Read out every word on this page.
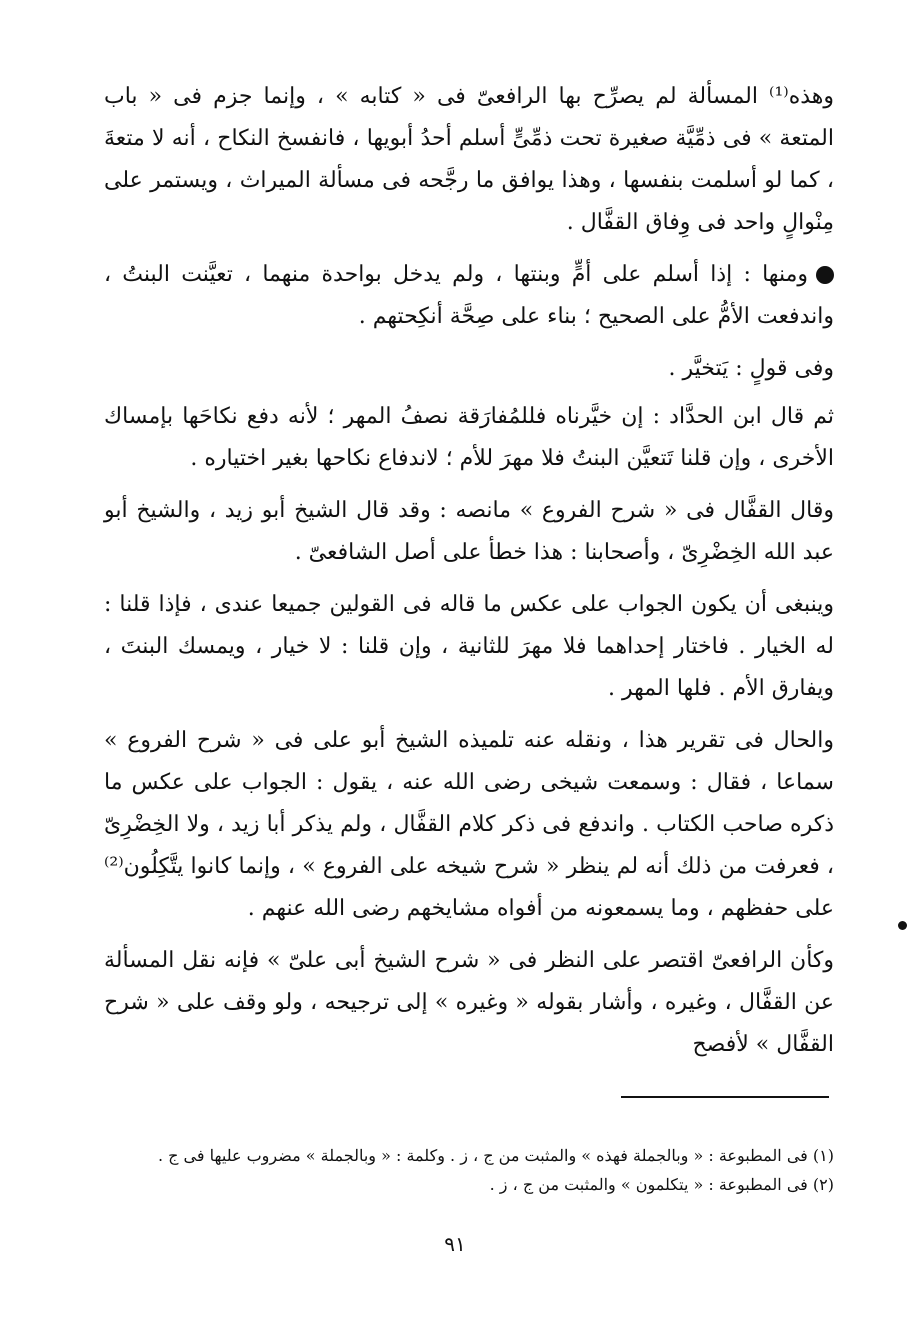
وهذه⁽¹⁾ المسألة لم يصرِّح بها الرافعىّ فى « كتابه » ، وإنما جزم فى « باب المتعة » فى ذمِّيَّة صغيرة تحت ذمِّىٍّ أسلم أحدُ أبويها ، فانفسخ النكاح ، أنه لا متعةَ ، كما لو أسلمت بنفسها ، وهذا يوافق ما رجَّحه فى مسألة الميراث ، ويستمر على مِنْوالٍ واحد فى وِفاق القفَّال .

ومنها : إذا أسلم على أمٍّ وبنتها ، ولم يدخل بواحدة منهما ، تعيَّنت البنتُ ، واندفعت الأمُّ على الصحيح ؛ بناء على صِحَّة أنكِحتهم .

وفى قولٍ : يَتخيَّر .

ثم قال ابن الحدَّاد : إن خيَّرناه فللمُفارَقة نصفُ المهر ؛ لأنه دفع نكاحَها بإمساك الأخرى ، وإن قلنا تَتعيَّن البنتُ فلا مهرَ للأم ؛ لاندفاع نكاحها بغير اختياره .

وقال القفَّال فى « شرح الفروع » مانصه : وقد قال الشيخ أبو زيد ، والشيخ أبو عبد الله الخِضْرِىّ ، وأصحابنا : هذا خطأ على أصل الشافعىّ .

وينبغى أن يكون الجواب على عكس ما قاله فى القولين جميعا عندى ، فإذا قلنا : له الخيار . فاختار إحداهما فلا مهرَ للثانية ، وإن قلنا : لا خيار ، ويمسك البنتَ ، ويفارق الأم . فلها المهر .

والحال فى تقرير هذا ، ونقله عنه تلميذه الشيخ أبو على فى « شرح الفروع » سماعا ، فقال : وسمعت شيخى رضى الله عنه ، يقول : الجواب على عكس ما ذكره صاحب الكتاب . واندفع فى ذكر كلام القفَّال ، ولم يذكر أبا زيد ، ولا الخِضْرِىّ ، فعرفت من ذلك أنه لم ينظر « شرح شيخه على الفروع » ، وإنما كانوا يتَّكِلُون⁽²⁾ على حفظهم ، وما يسمعونه من أفواه مشايخهم رضى الله عنهم .

وكأن الرافعىّ اقتصر على النظر فى « شرح الشيخ أبى علىّ » فإنه نقل المسألة عن القفَّال ، وغيره ، وأشار بقوله « وغيره » إلى ترجيحه ، ولو وقف على « شرح القفَّال » لأفصح

(١) فى المطبوعة : « وبالجملة فهذه » والمثبت من ج ، ز . وكلمة : « وبالجملة » مضروب عليها فى ج .
(٢) فى المطبوعة : « يتكلمون » والمثبت من ج ، ز .
٩١
